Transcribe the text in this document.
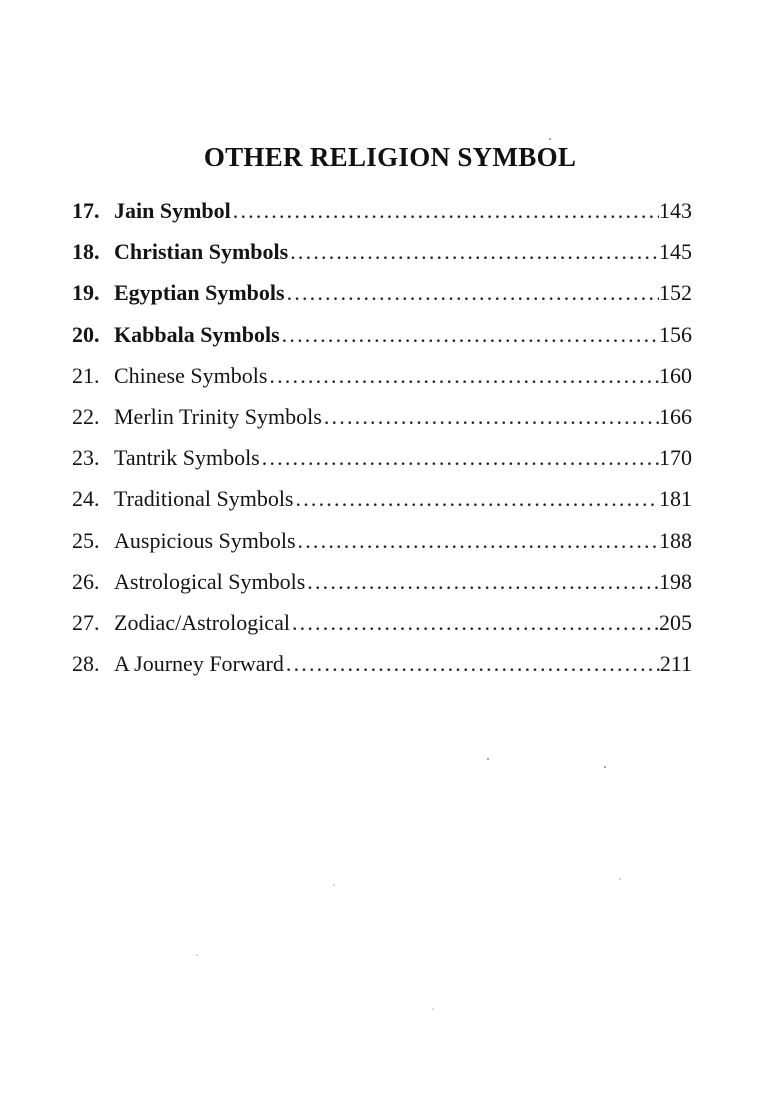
OTHER RELIGION SYMBOL
17. Jain Symbol .....	143
18. Christian Symbols .....	145
19. Egyptian Symbols .....	152
20. Kabbala Symbols .....	156
21. Chinese Symbols .....	160
22. Merlin Trinity Symbols .....	166
23. Tantrik Symbols .....	170
24. Traditional Symbols .....	181
25. Auspicious Symbols .....	188
26. Astrological Symbols .....	198
27. Zodiac/Astrological .....	205
28. A Journey Forward .....	211
